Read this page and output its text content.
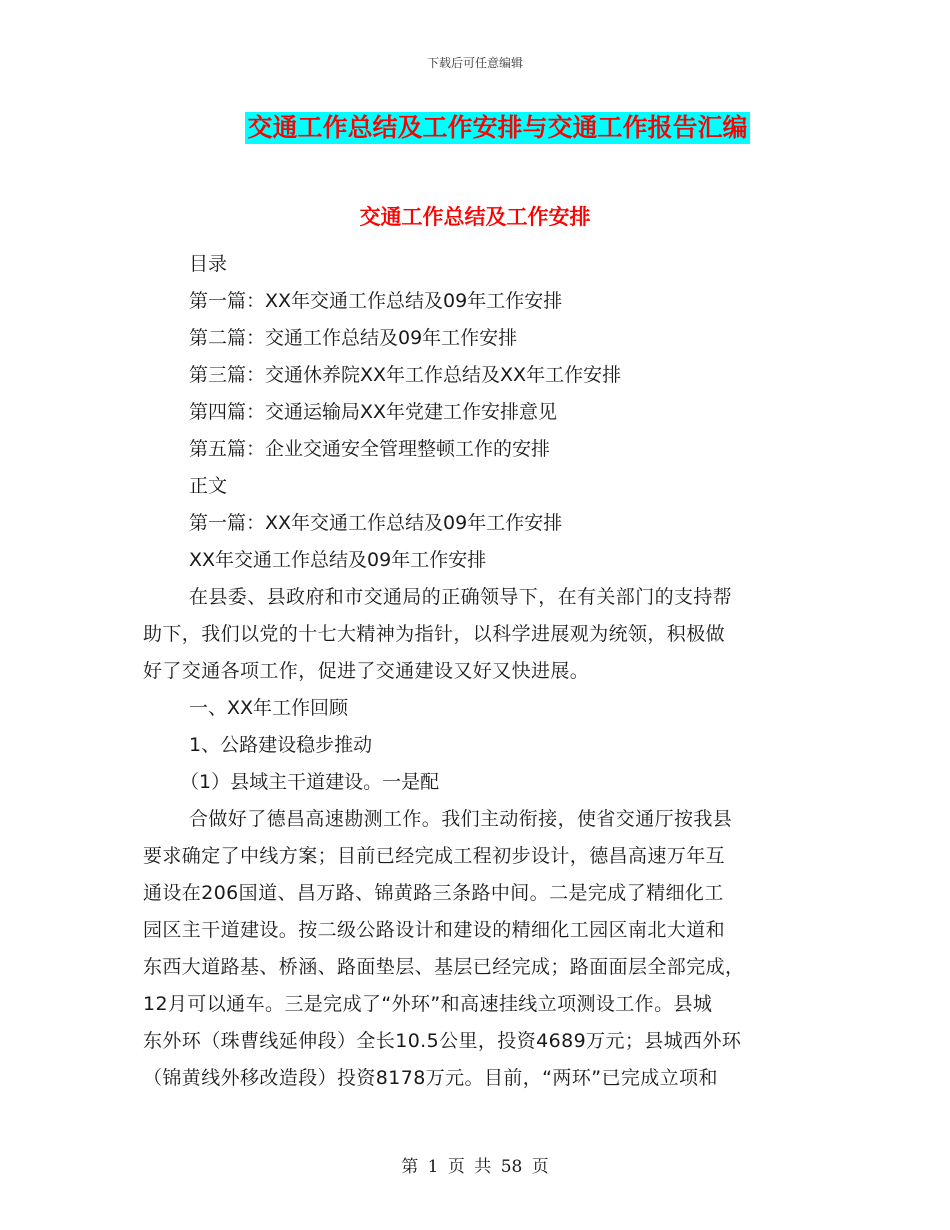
下载后可任意编辑
交通工作总结及工作安排与交通工作报告汇编
交通工作总结及工作安排
目录
第一篇：XX年交通工作总结及09年工作安排
第二篇：交通工作总结及09年工作安排
第三篇：交通休养院XX年工作总结及XX年工作安排
第四篇：交通运输局XX年党建工作安排意见
第五篇：企业交通安全管理整顿工作的安排
正文
第一篇：XX年交通工作总结及09年工作安排
XX年交通工作总结及09年工作安排
在县委、县政府和市交通局的正确领导下，在有关部门的支持帮
助下，我们以党的十七大精神为指针，以科学进展观为统领，积极做
好了交通各项工作，促进了交通建设又好又快进展。
一、XX年工作回顾
1、公路建设稳步推动
（1）县域主干道建设。一是配
合做好了德昌高速勘测工作。我们主动衔接，使省交通厅按我县
要求确定了中线方案；目前已经完成工程初步设计，德昌高速万年互
通设在206国道、昌万路、锦黄路三条路中间。二是完成了精细化工
园区主干道建设。按二级公路设计和建设的精细化工园区南北大道和
东西大道路基、桥涵、路面垫层、基层已经完成；路面面层全部完成，
12月可以通车。三是完成了“外环”和高速挂线立项测设工作。县城
东外环（珠曹线延伸段）全长10.5公里，投资4689万元；县城西外环
（锦黄线外移改造段）投资8178万元。目前，“两环”已完成立项和
第 1 页 共 58 页
